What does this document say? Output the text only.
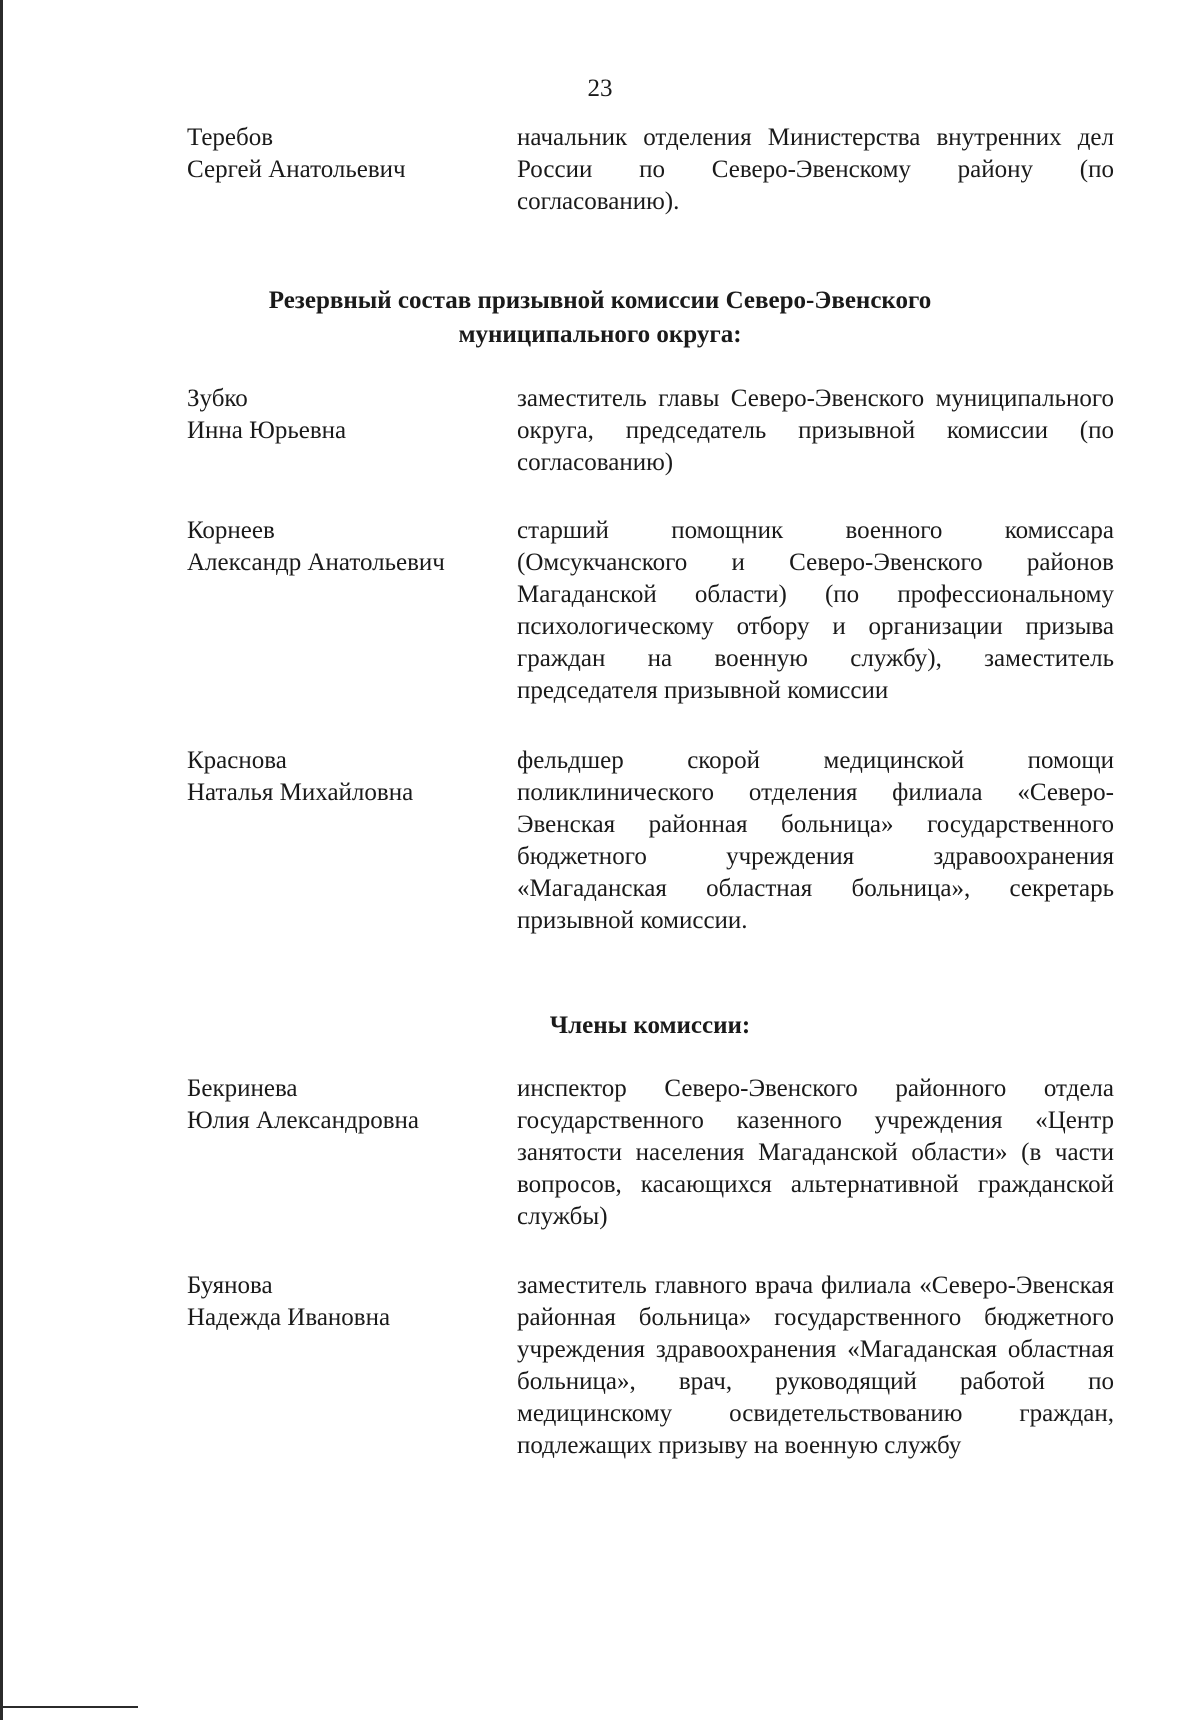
23
Теребов
Сергей Анатольевич
начальник отделения Министерства внутренних дел России по Северо-Эвенскому району (по согласованию).
Резервный состав призывной комиссии Северо-Эвенского
муниципального округа:
Зубко
Инна Юрьевна
заместитель главы Северо-Эвенского муниципального округа, председатель призывной комиссии (по согласованию)
Корнеев
Александр Анатольевич
старший помощник военного комиссара (Омсукчанского и Северо-Эвенского районов Магаданской области) (по профессиональному психологическому отбору и организации призыва граждан на военную службу), заместитель председателя призывной комиссии
Краснова
Наталья Михайловна
фельдшер скорой медицинской помощи поликлинического отделения филиала «Северо-Эвенская районная больница» государственного бюджетного учреждения здравоохранения «Магаданская областная больница», секретарь призывной комиссии.
Члены комиссии:
Бекринева
Юлия Александровна
инспектор Северо-Эвенского районного отдела государственного казенного учреждения «Центр занятости населения Магаданской области» (в части вопросов, касающихся альтернативной гражданской службы)
Буянова
Надежда Ивановна
заместитель главного врача филиала «Северо-Эвенская районная больница» государственного бюджетного учреждения здравоохранения «Магаданская областная больница», врач, руководящий работой по медицинскому освидетельствованию граждан, подлежащих призыву на военную службу
